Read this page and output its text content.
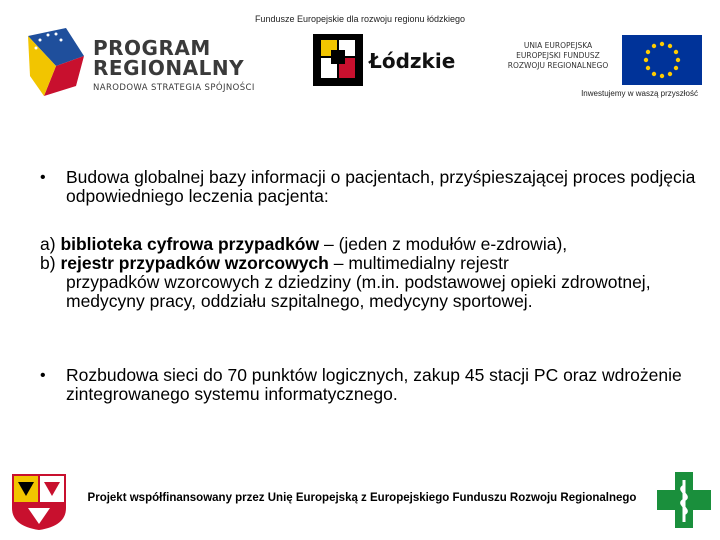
Fundusze Europejskie dla rozwoju regionu łódzkiego
PROGRAM
REGIONALNY
NARODOWA STRATEGIA SPÓJNOŚCI
Łódzkie
UNIA EUROPEJSKA
EUROPEJSKI FUNDUSZ
ROZWOJU REGIONALNEGO
Inwestujemy w waszą przyszłość
• Budowa globalnej bazy informacji o pacjentach, przyśpieszającej proces podjęcia odpowiedniego leczenia pacjenta:
a) biblioteka cyfrowa przypadków – (jeden z modułów e-zdrowia),
b) rejestr przypadków wzorcowych – multimedialny rejestr
przypadków wzorcowych z dziedziny (m.in. podstawowej opieki zdrowotnej, medycyny pracy, oddziału szpitalnego, medycyny sportowej.
• Rozbudowa sieci do 70 punktów logicznych, zakup 45 stacji PC oraz wdrożenie zintegrowanego systemu informatycznego.
Projekt współfinansowany przez Unię Europejską z Europejskiego Funduszu Rozwoju Regionalnego
